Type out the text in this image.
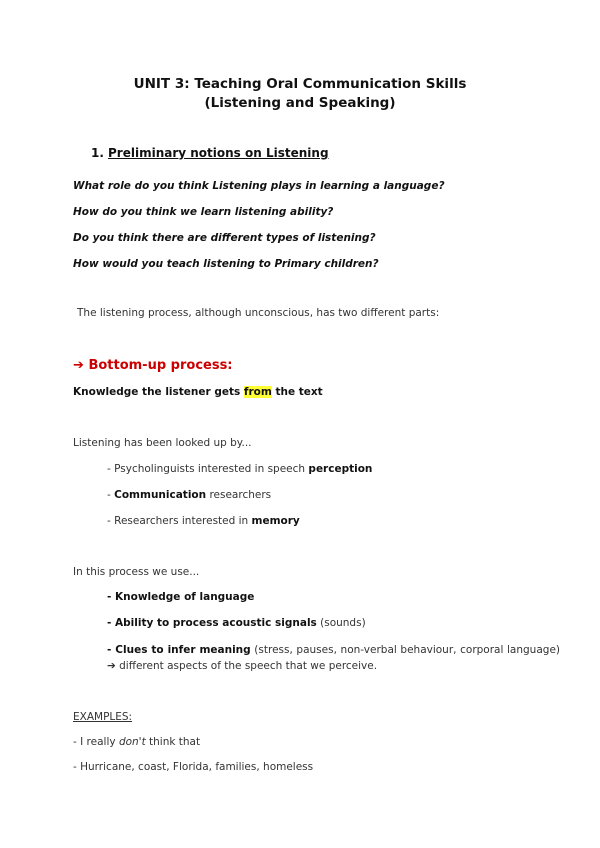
UNIT 3: Teaching Oral Communication Skills
(Listening and Speaking)
1. Preliminary notions on Listening
What role do you think Listening plays in learning a language?
How do you think we learn listening ability?
Do you think there are different types of listening?
How would you teach listening to Primary children?
The listening process, although unconscious, has two different parts:
➔ Bottom-up process:
Knowledge the listener gets from the text
Listening has been looked up by...
- Psycholinguists interested in speech perception
- Communication researchers
- Researchers interested in memory
In this process we use...
- Knowledge of language
- Ability to process acoustic signals (sounds)
- Clues to infer meaning (stress, pauses, non-verbal behaviour, corporal language) ➔ different aspects of the speech that we perceive.
EXAMPLES:
- I really don't think that
- Hurricane, coast, Florida, families, homeless
